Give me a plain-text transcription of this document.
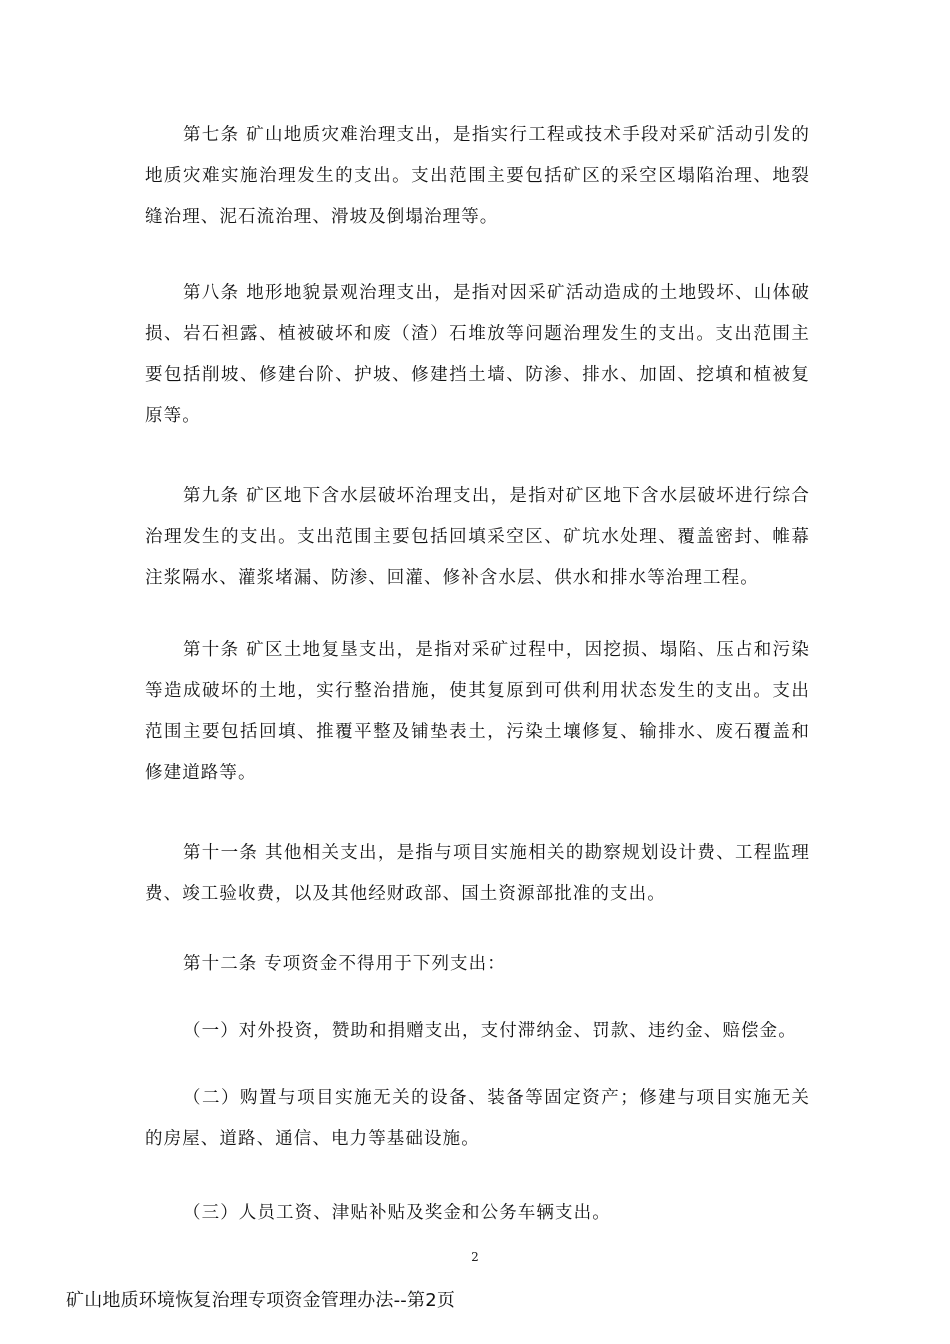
第七条 矿山地质灾难治理支出，是指实行工程或技术手段对采矿活动引发的地质灾难实施治理发生的支出。支出范围主要包括矿区的采空区塌陷治理、地裂缝治理、泥石流治理、滑坡及倒塌治理等。

第八条 地形地貌景观治理支出，是指对因采矿活动造成的土地毁坏、山体破损、岩石袒露、植被破坏和废（渣）石堆放等问题治理发生的支出。支出范围主要包括削坡、修建台阶、护坡、修建挡土墙、防渗、排水、加固、挖填和植被复原等。

第九条 矿区地下含水层破坏治理支出，是指对矿区地下含水层破坏进行综合治理发生的支出。支出范围主要包括回填采空区、矿坑水处理、覆盖密封、帷幕注浆隔水、灌浆堵漏、防渗、回灌、修补含水层、供水和排水等治理工程。

第十条 矿区土地复垦支出，是指对采矿过程中，因挖损、塌陷、压占和污染等造成破坏的土地，实行整治措施，使其复原到可供利用状态发生的支出。支出范围主要包括回填、推覆平整及铺垫表土，污染土壤修复、输排水、废石覆盖和修建道路等。

第十一条 其他相关支出，是指与项目实施相关的勘察规划设计费、工程监理费、竣工验收费，以及其他经财政部、国土资源部批准的支出。

第十二条 专项资金不得用于下列支出：

（一）对外投资，赞助和捐赠支出，支付滞纳金、罚款、违约金、赔偿金。

（二）购置与项目实施无关的设备、装备等固定资产；修建与项目实施无关的房屋、道路、通信、电力等基础设施。

（三）人员工资、津贴补贴及奖金和公务车辆支出。

2
矿山地质环境恢复治理专项资金管理办法--第2页
